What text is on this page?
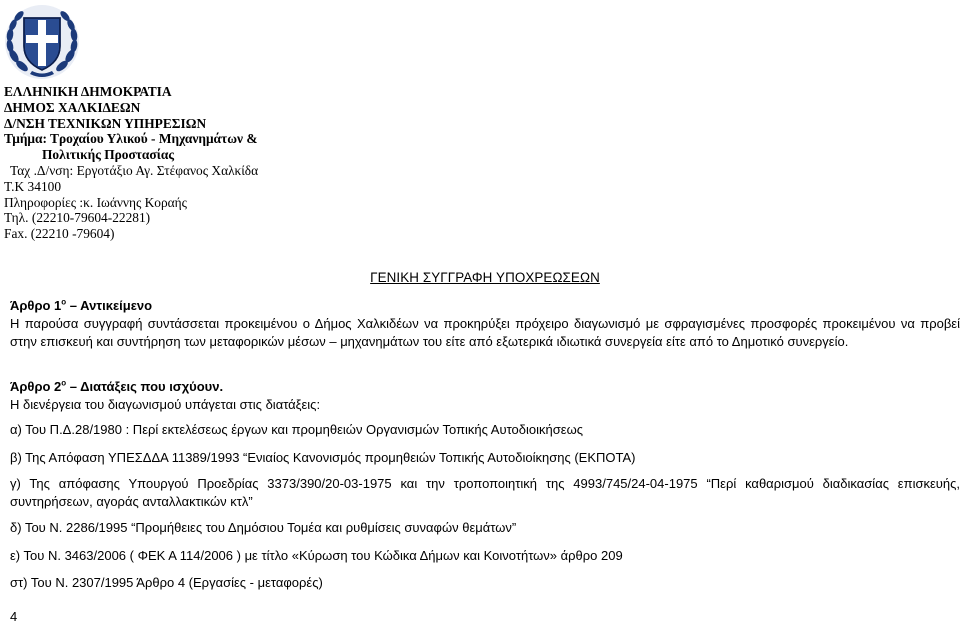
ΕΛΛΗΝΙΚΗ ΔΗΜΟΚΡΑΤΙΑ
ΔΗΜΟΣ ΧΑΛΚΙΔΕΩΝ
Δ/ΝΣΗ ΤΕΧΝΙΚΩΝ ΥΠΗΡΕΣΙΩΝ
Τμήμα: Τροχαίου Υλικού - Μηχανημάτων &
Πολιτικής Προστασίας
Ταχ .Δ/νση: Εργοτάξιο Αγ. Στέφανος Χαλκίδα
Τ.Κ 34100
Πληροφορίες :κ. Ιωάννης Κοραής
Τηλ. (22210-79604-22281)
Fax. (22210 -79604)
ΓΕΝΙΚΗ ΣΥΓΓΡΑΦΗ ΥΠΟΧΡΕΩΣΕΩΝ
Άρθρο $1^o$ – Αντικείμενο

Η παρούσα συγγραφή συντάσσεται προκειμένου ο Δήμος Χαλκιδέων να προκηρύξει πρόχειρο διαγωνισμό με σφραγισμένες προσφορές προκειμένου να προβεί στην επισκευή και συντήρηση των μεταφορικών μέσων – μηχανημάτων του είτε από εξωτερικά ιδιωτικά συνεργεία είτε από το Δημοτικό συνεργείο.

Άρθρο $2^o$ – Διατάξεις που ισχύουν.

Η διενέργεια του διαγωνισμού υπάγεται στις διατάξεις:

α) Του Π.Δ.28/1980 : Περί εκτελέσεως έργων και προμηθειών Οργανισμών Τοπικής Αυτοδιοικήσεως

β) Της Απόφαση ΥΠΕΣΔΔΑ 11389/1993 “Ενιαίος Κανονισμός προμηθειών Τοπικής Αυτοδιοίκησης (ΕΚΠΟΤΑ)

γ) Της απόφασης Υπουργού Προεδρίας 3373/390/20-03-1975 και την τροποποιητική της 4993/745/24-04-1975 “Περί καθαρισμού διαδικασίας επισκευής, συντηρήσεων, αγοράς ανταλλακτικών κτλ”

δ) Του Ν. 2286/1995 “Προμήθειες του Δημόσιου Τομέα και ρυθμίσεις συναφών θεμάτων”

ε) Του Ν. 3463/2006 ( ΦΕΚ Α 114/2006 ) με τίτλο «Κύρωση του Κώδικα Δήμων και Κοινοτήτων» άρθρο 209

στ) Του Ν. 2307/1995 Άρθρο 4 (Εργασίες - μεταφορές)

4
